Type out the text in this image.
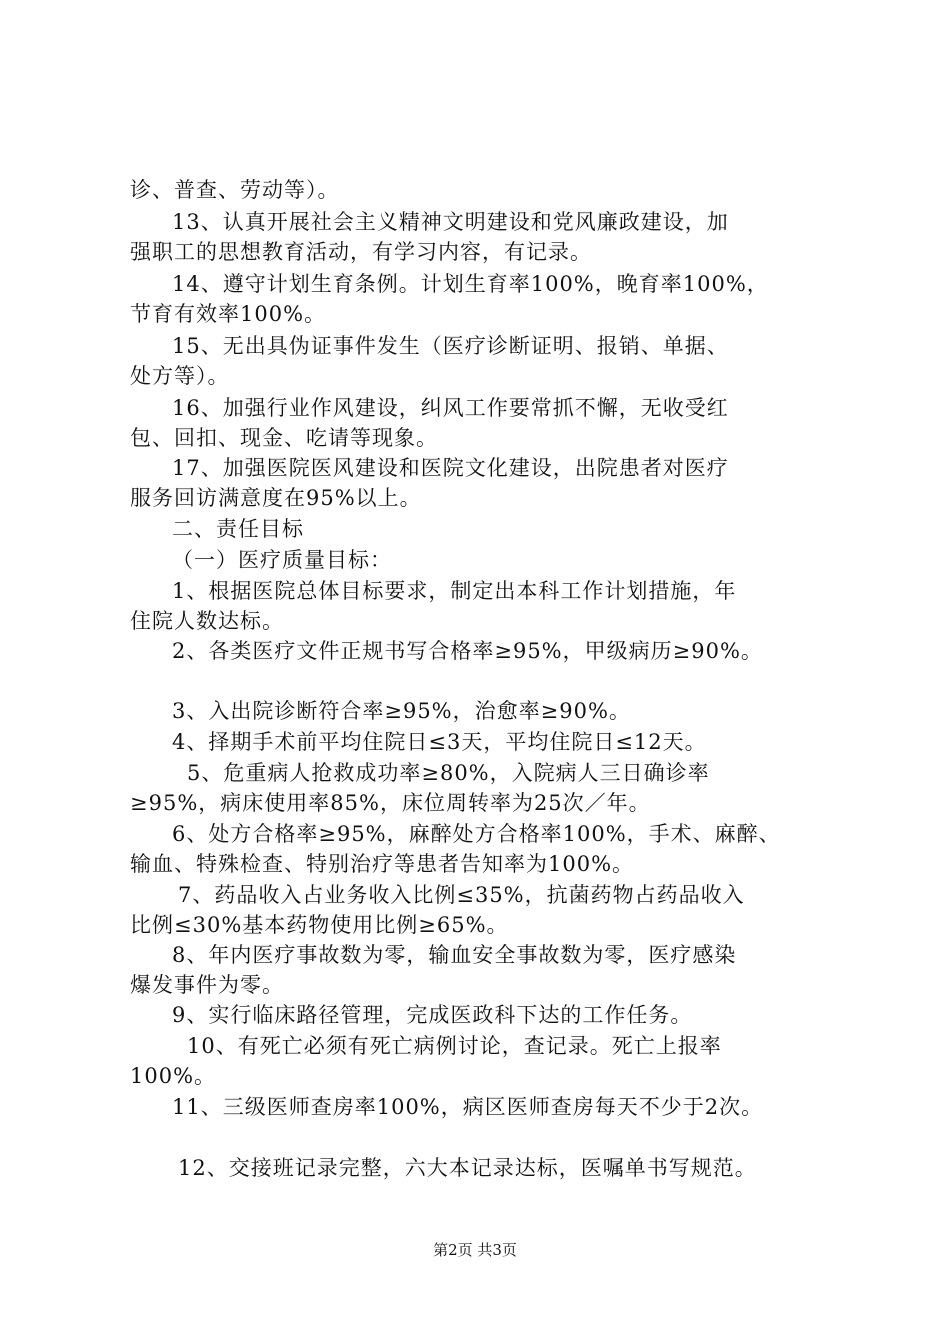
诊、普查、劳动等）。
13、认真开展社会主义精神文明建设和党风廉政建设，加
强职工的思想教育活动，有学习内容，有记录。
14、遵守计划生育条例。计划生育率100%，晚育率100%，
节育有效率100%。
15、无出具伪证事件发生（医疗诊断证明、报销、单据、
处方等）。
16、加强行业作风建设，纠风工作要常抓不懈，无收受红
包、回扣、现金、吃请等现象。
17、加强医院医风建设和医院文化建设，出院患者对医疗
服务回访满意度在95%以上。
二、责任目标
（一）医疗质量目标：
1、根据医院总体目标要求，制定出本科工作计划措施，年
住院人数达标。
2、各类医疗文件正规书写合格率≥95%，甲级病历≥90%。
3、入出院诊断符合率≥95%，治愈率≥90%。
4、择期手术前平均住院日≤3天，平均住院日≤12天。
5、危重病人抢救成功率≥80%，入院病人三日确诊率
≥95%，病床使用率85%，床位周转率为25次／年。
6、处方合格率≥95%，麻醉处方合格率100%，手术、麻醉、
输血、特殊检查、特别治疗等患者告知率为100%。
7、药品收入占业务收入比例≤35%，抗菌药物占药品收入
比例≤30%基本药物使用比例≥65%。
8、年内医疗事故数为零，输血安全事故数为零，医疗感染
爆发事件为零。
9、实行临床路径管理，完成医政科下达的工作任务。
10、有死亡必须有死亡病例讨论，查记录。死亡上报率
100%。
11、三级医师查房率100%，病区医师查房每天不少于2次。
12、交接班记录完整，六大本记录达标，医嘱单书写规范。
第2页 共3页
